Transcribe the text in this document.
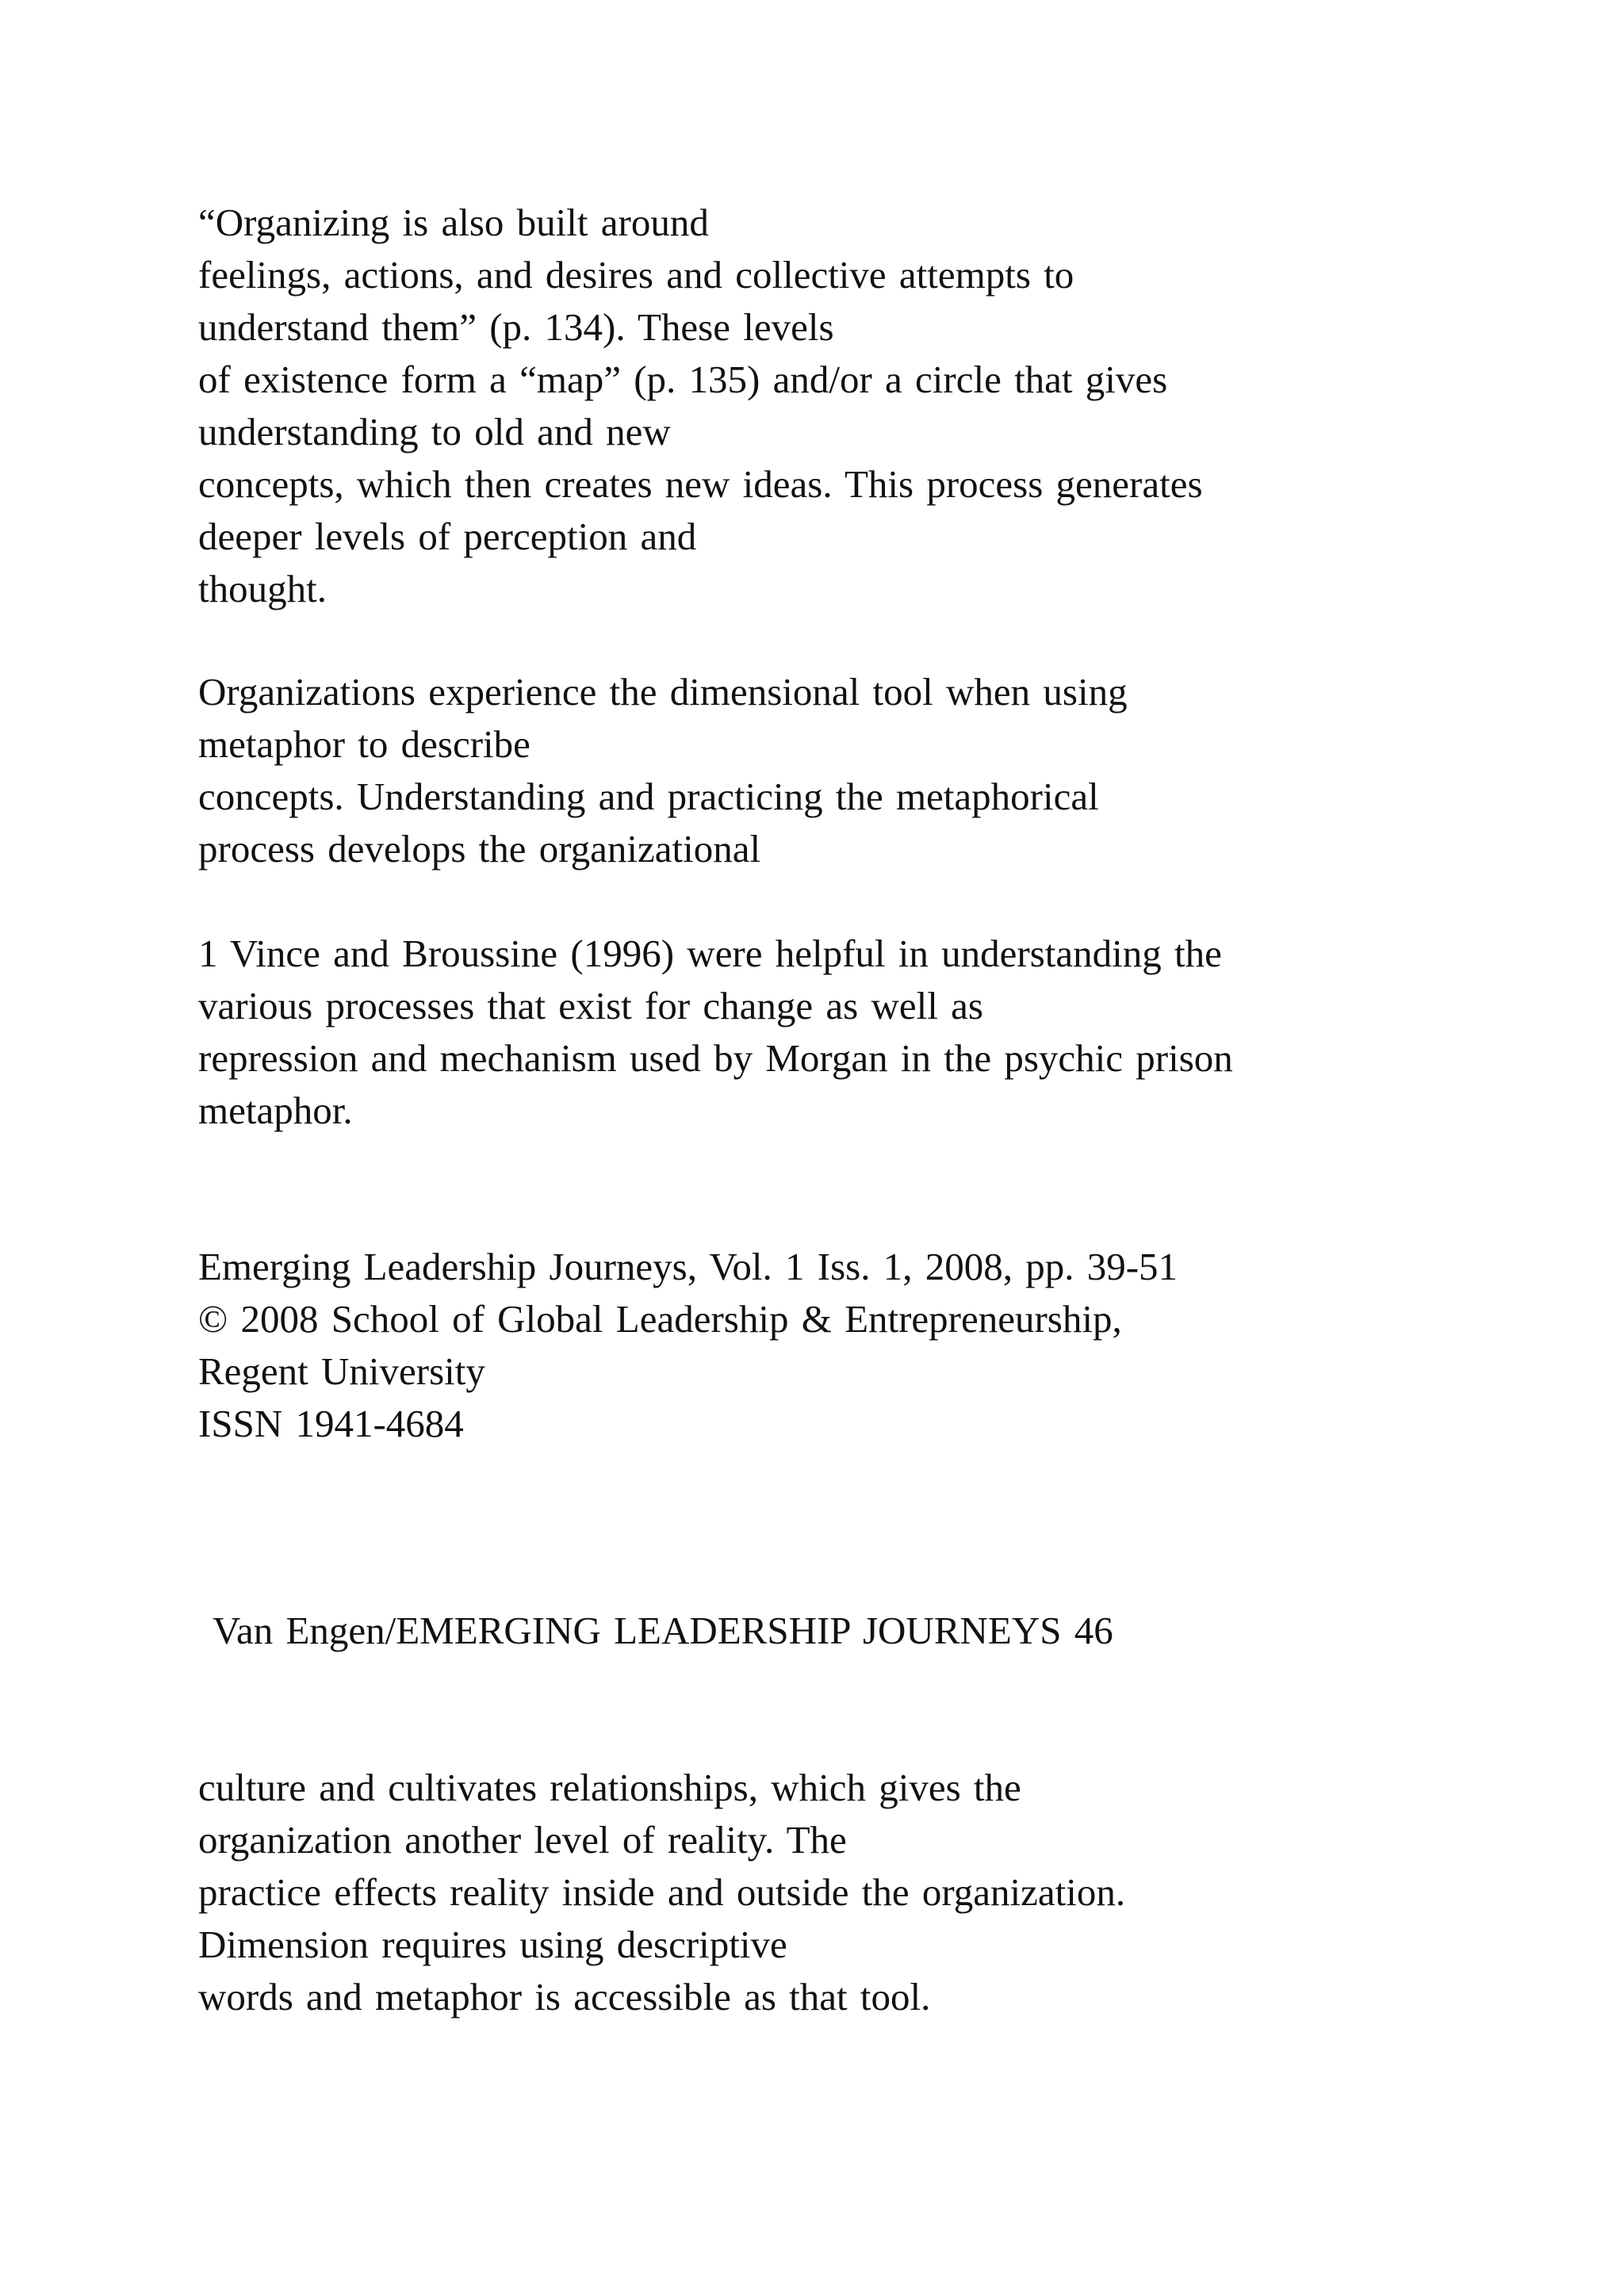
“Organizing is also built around
feelings, actions, and desires and collective attempts to
understand them” (p. 134). These levels
of existence form a “map” (p. 135) and/or a circle that gives
understanding to old and new
concepts, which then creates new ideas. This process generates
deeper levels of perception and
thought.
Organizations experience the dimensional tool when using
metaphor to describe
concepts. Understanding and practicing the metaphorical
process develops the organizational
1 Vince and Broussine (1996) were helpful in understanding the
various processes that exist for change as well as
repression and mechanism used by Morgan in the psychic prison
metaphor.
Emerging Leadership Journeys, Vol. 1 Iss. 1, 2008, pp. 39-51
© 2008 School of Global Leadership & Entrepreneurship,
Regent University
ISSN 1941-4684
Van Engen/EMERGING LEADERSHIP JOURNEYS 46
culture and cultivates relationships, which gives the
organization another level of reality. The
practice effects reality inside and outside the organization.
Dimension requires using descriptive
words and metaphor is accessible as that tool.
